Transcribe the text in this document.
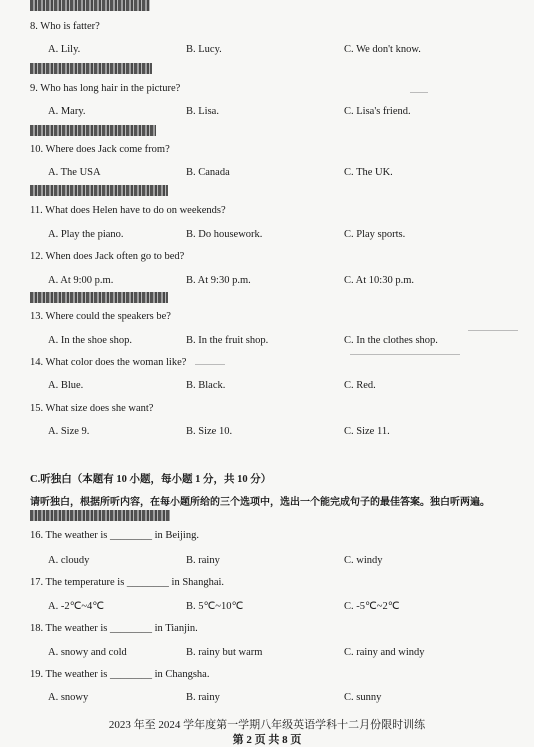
8. Who is fatter?
A. Lily.	B. Lucy.	C. We don't know.
9. Who has long hair in the picture?
A. Mary.	B. Lisa.	C. Lisa's friend.
10. Where does Jack come from?
A. The USA	B. Canada	C. The UK.
11. What does Helen have to do on weekends?
A. Play the piano.	B. Do housework.	C. Play sports.
12. When does Jack often go to bed?
A. At 9:00 p.m.	B. At 9:30 p.m.	C. At 10:30 p.m.
13. Where could the speakers be?
A. In the shoe shop.	B. In the fruit shop.	C. In the clothes shop.
14. What color does the woman like?
A. Blue.	B. Black.	C. Red.
15. What size does she want?
A. Size 9.	B. Size 10.	C. Size 11.
C.听独白（本题有 10 小题，每小题 1 分，共 10 分）
请听独白，根据所听内容，在每小题所给的三个选项中，选出一个能完成句子的最佳答案。独白听两遍。
16. The weather is ________ in Beijing.
A. cloudy	B. rainy	C. windy
17. The temperature is ________ in Shanghai.
A. -2℃~4℃	B. 5℃~10℃	C. -5℃~2℃
18. The weather is ________ in Tianjin.
A. snowy and cold	B. rainy but warm	C. rainy and windy
19. The weather is ________ in Changsha.
A. snowy	B. rainy	C. sunny
2023 年至 2024 学年度第一学期八年级英语学科十二月份限时训练
第 2 页 共 8 页
